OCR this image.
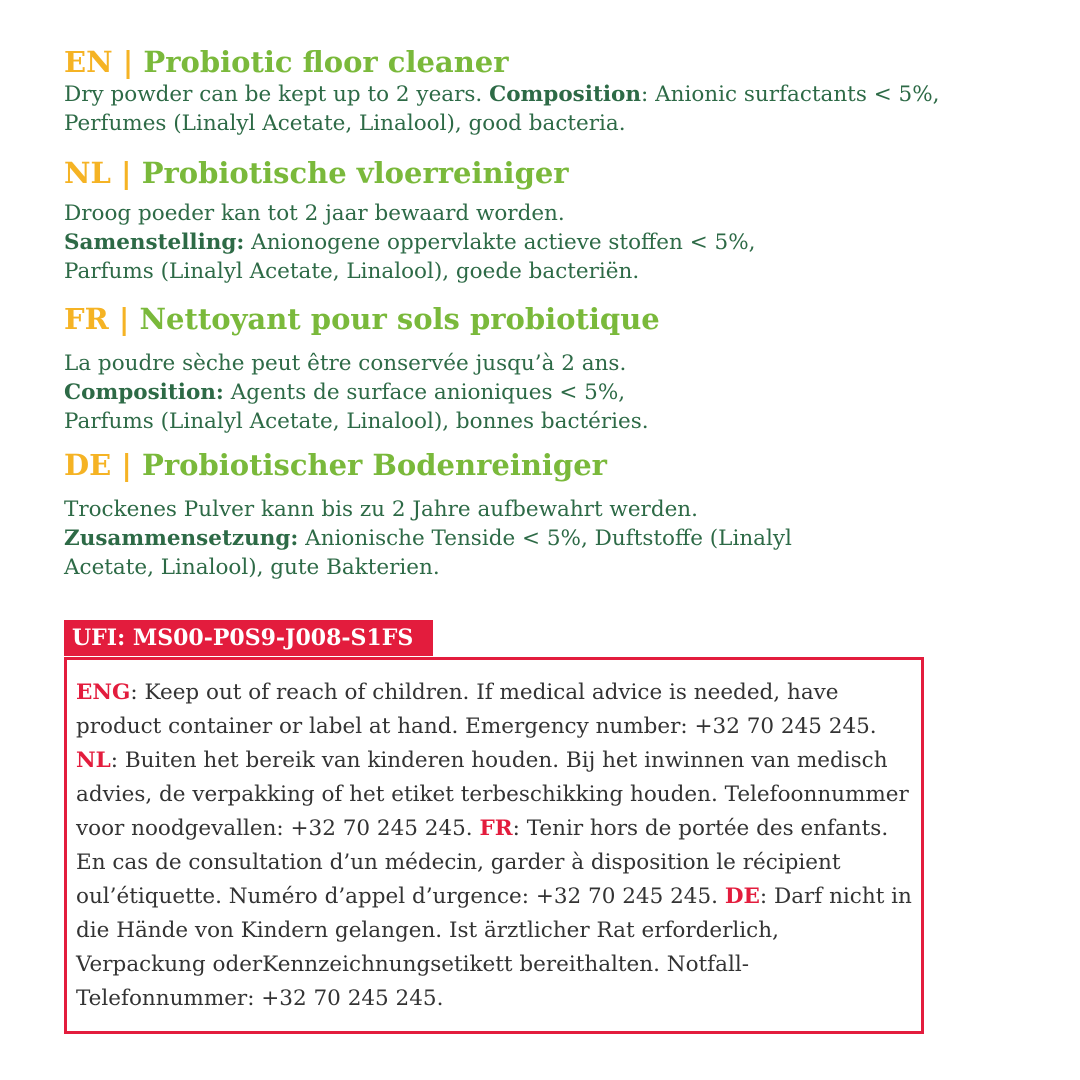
EN | Probiotic floor cleaner
Dry powder can be kept up to 2 years. Composition: Anionic surfactants < 5%,
Perfumes (Linalyl Acetate, Linalool), good bacteria.
NL | Probiotische vloerreiniger
Droog poeder kan tot 2 jaar bewaard worden.
Samenstelling: Anionogene oppervlakte actieve stoffen < 5%,
Parfums (Linalyl Acetate, Linalool), goede bacteriën.
FR | Nettoyant pour sols probiotique
La poudre sèche peut être conservée jusqu’à 2 ans.
Composition: Agents de surface anioniques < 5%,
Parfums (Linalyl Acetate, Linalool), bonnes bactéries.
DE | Probiotischer Bodenreiniger
Trockenes Pulver kann bis zu 2 Jahre aufbewahrt werden.
Zusammensetzung: Anionische Tenside < 5%, Duftstoffe (Linalyl
Acetate, Linalool), gute Bakterien.
UFI: MS00-P0S9-J008-S1FS
ENG: Keep out of reach of children. If medical advice is needed, have product container or label at hand. Emergency number: +32 70 245 245. NL: Buiten het bereik van kinderen houden. Bij het inwinnen van medisch advies, de verpakking of het etiket terbeschikking houden. Telefoonnummer voor noodgevallen: +32 70 245 245. FR: Tenir hors de portée des enfants. En cas de consultation d’un médecin, garder à disposition le récipient oul’étiquette. Numéro d’appel d’urgence: +32 70 245 245. DE: Darf nicht in die Hände von Kindern gelangen. Ist ärztlicher Rat erforderlich, Verpackung oderKennzeichnungsetikett bereithalten. Notfall-Telefonnummer: +32 70 245 245.
